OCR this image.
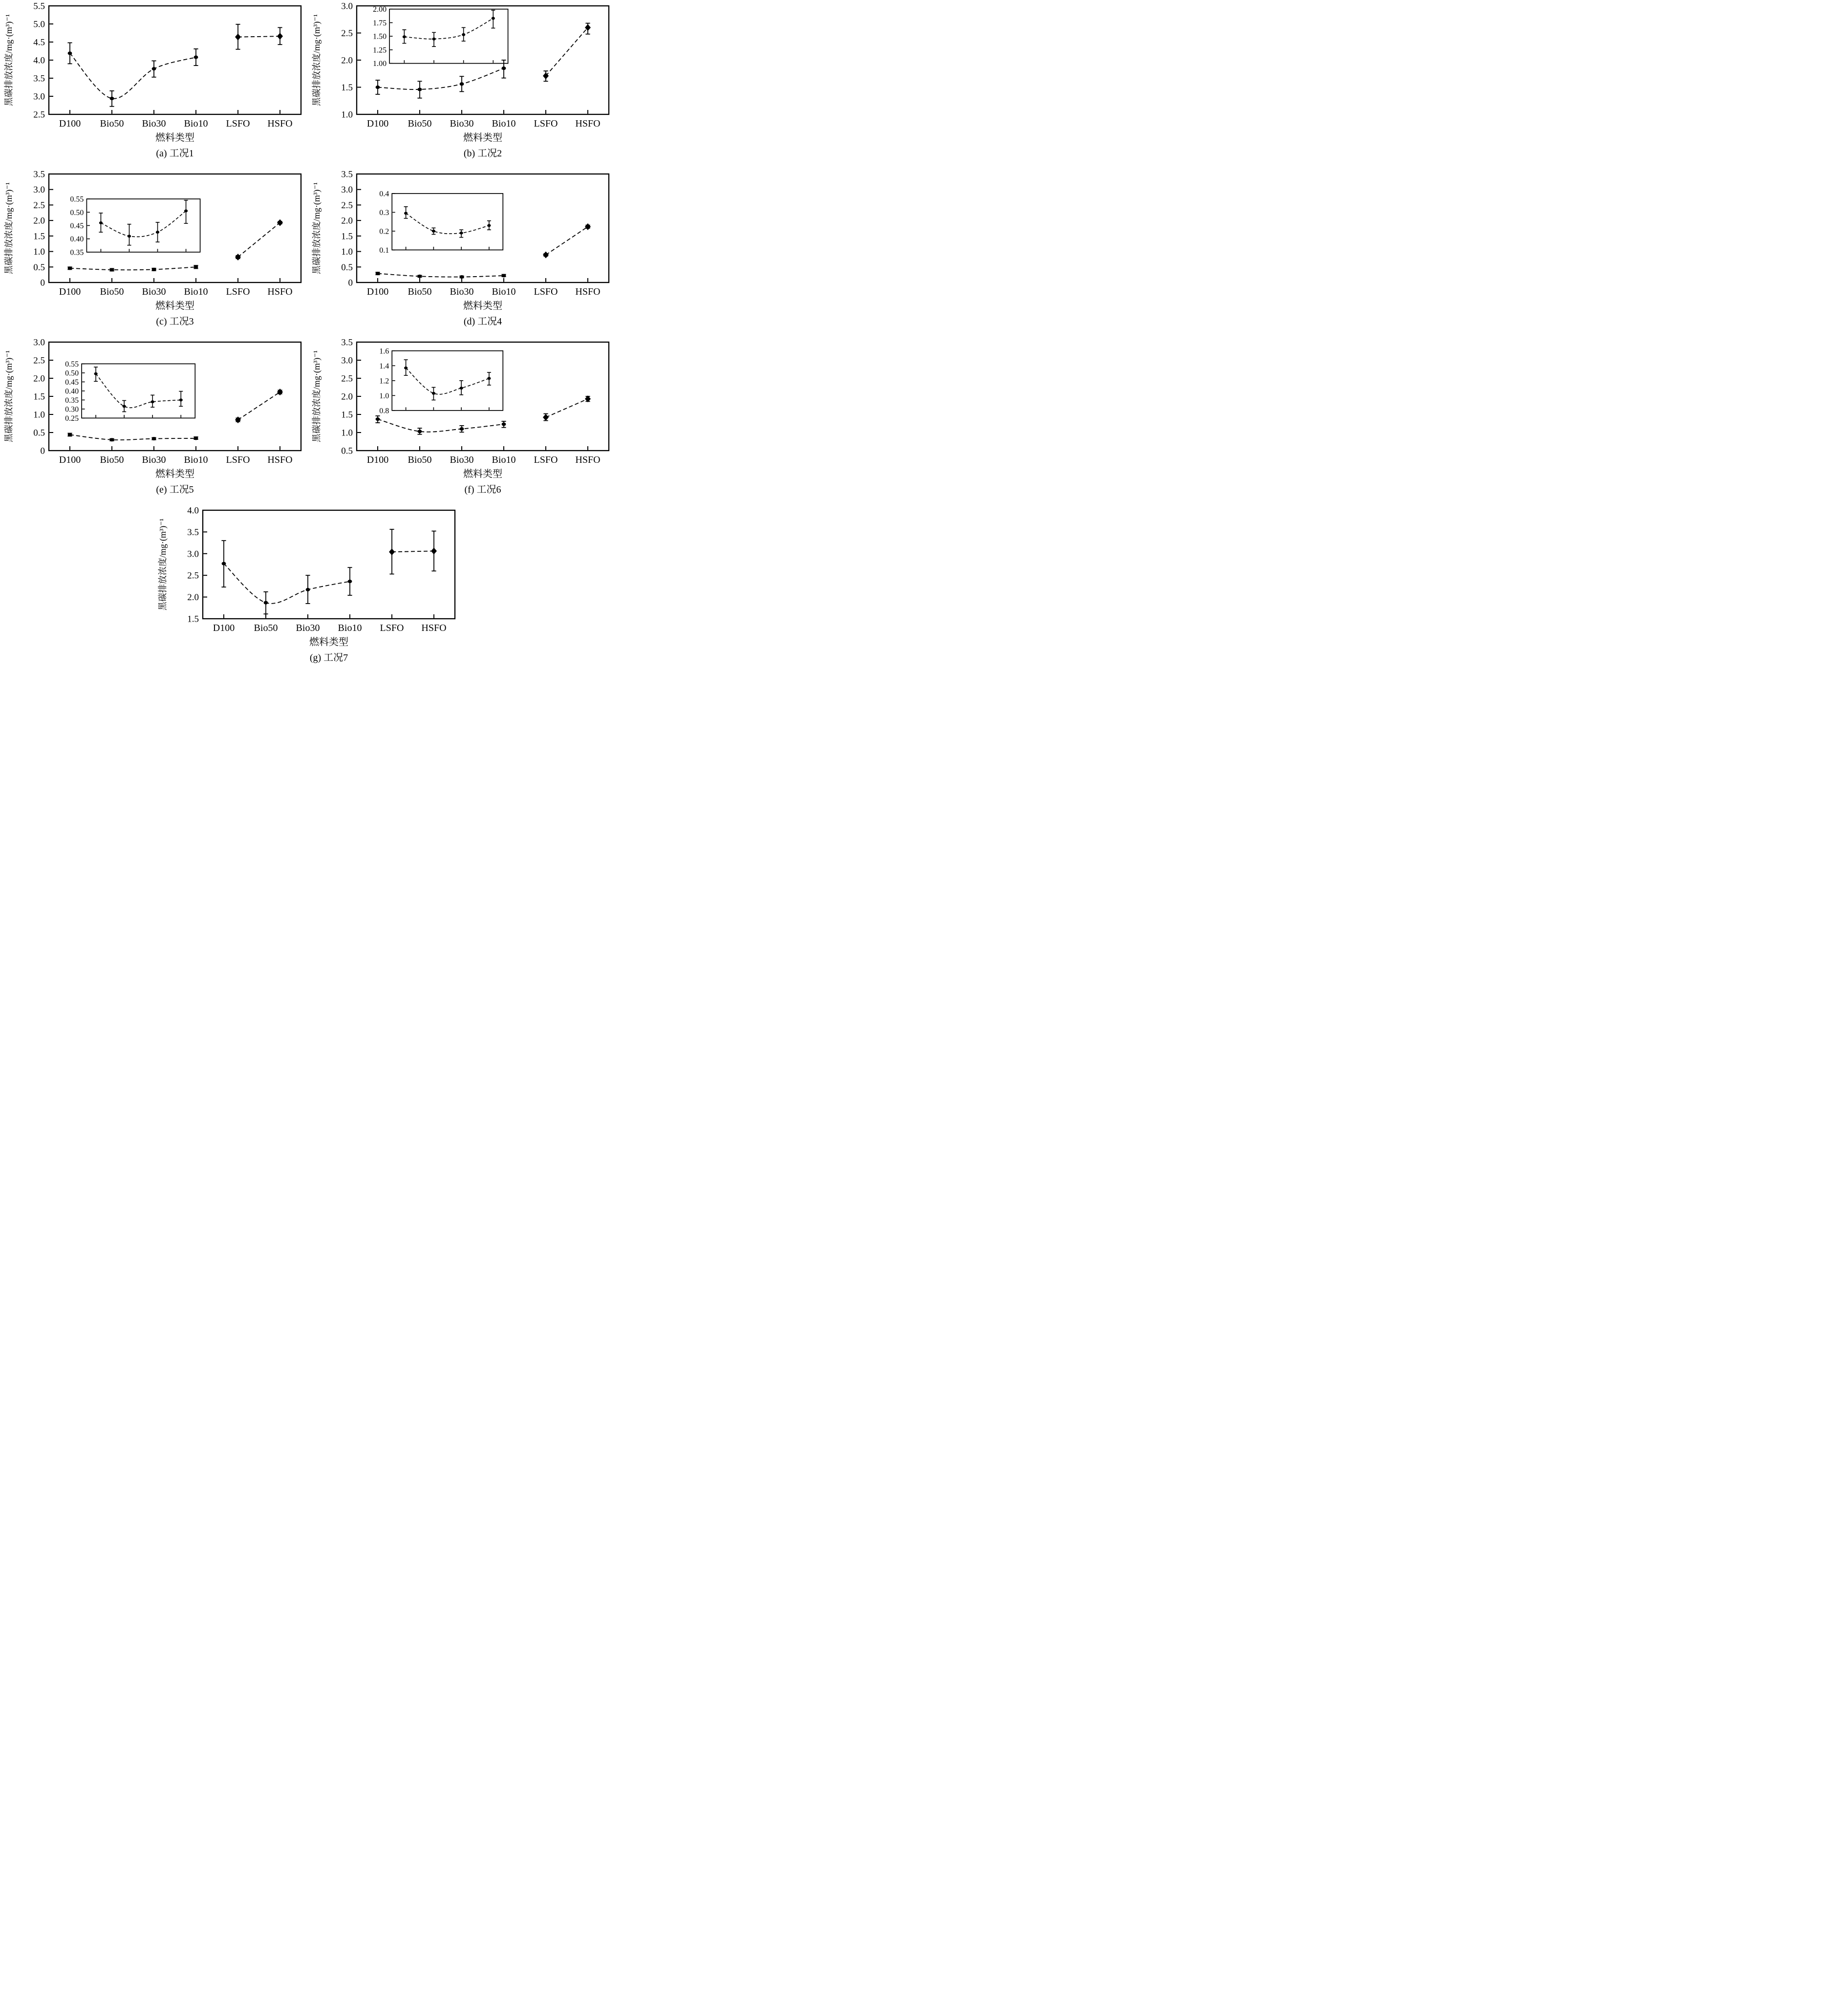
2.5
3.0
3.5
4.0
4.5
5.0
5.5
D100 Bio50 Bio30 Bio10 LSFO HSFO
燃料类型
黑碳排放浓度/mg·(m³)⁻¹
(a) 工况1
1.0
1.5
2.0
2.5
3.0
D100 Bio50 Bio30 Bio10 LSFO HSFO
燃料类型
黑碳排放浓度/mg·(m³)⁻¹
(b) 工况2
1.00
1.25
1.50
1.75
2.00
0
0.5
1.0
1.5
2.0
2.5
3.0
3.5
D100 Bio50 Bio30 Bio10 LSFO HSFO
燃料类型
黑碳排放浓度/mg·(m³)⁻¹
(c) 工况3
0.35
0.40
0.45
0.50
0.55
0
0.5
1.0
1.5
2.0
2.5
3.0
3.5
D100 Bio50 Bio30 Bio10 LSFO HSFO
燃料类型
黑碳排放浓度/mg·(m³)⁻¹
(d) 工况4
0.1
0.2
0.3
0.4
0
0.5
1.0
1.5
2.0
2.5
3.0
D100 Bio50 Bio30 Bio10 LSFO HSFO
燃料类型
黑碳排放浓度/mg·(m³)⁻¹
(e) 工况5
0.25
0.30
0.35
0.40
0.45
0.50
0.55
0.5
1.0
1.5
2.0
2.5
3.0
3.5
D100 Bio50 Bio30 Bio10 LSFO HSFO
燃料类型
黑碳排放浓度/mg·(m³)⁻¹
(f) 工况6
0.8
1.0
1.2
1.4
1.6
1.5
2.0
2.5
3.0
3.5
4.0
D100 Bio50 Bio30 Bio10 LSFO HSFO
燃料类型
黑碳排放浓度/mg·(m³)⁻¹
(g) 工况7
